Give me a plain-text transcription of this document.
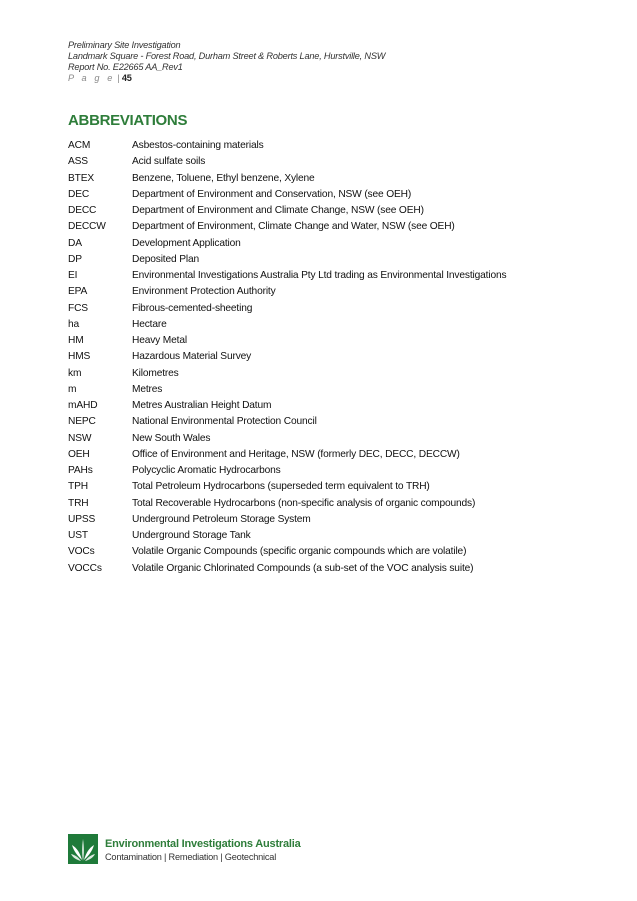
Preliminary Site Investigation
Landmark Square - Forest Road, Durham Street & Roberts Lane, Hurstville, NSW
Report No. E22665 AA_Rev1
P a g e | 45
ABBREVIATIONS
ACM	Asbestos-containing materials
ASS	Acid sulfate soils
BTEX	Benzene, Toluene, Ethyl benzene, Xylene
DEC	Department of Environment and Conservation, NSW (see OEH)
DECC	Department of Environment and Climate Change, NSW (see OEH)
DECCW	Department of Environment, Climate Change and Water, NSW (see OEH)
DA	Development Application
DP	Deposited Plan
EI	Environmental Investigations Australia Pty Ltd trading as Environmental Investigations
EPA	Environment Protection Authority
FCS	Fibrous-cemented-sheeting
ha	Hectare
HM	Heavy Metal
HMS	Hazardous Material Survey
km	Kilometres
m	Metres
mAHD	Metres Australian Height Datum
NEPC	National Environmental Protection Council
NSW	New South Wales
OEH	Office of Environment and Heritage, NSW (formerly DEC, DECC, DECCW)
PAHs	Polycyclic Aromatic Hydrocarbons
TPH	Total Petroleum Hydrocarbons (superseded term equivalent to TRH)
TRH	Total Recoverable Hydrocarbons (non-specific analysis of organic compounds)
UPSS	Underground Petroleum Storage System
UST	Underground Storage Tank
VOCs	Volatile Organic Compounds (specific organic compounds which are volatile)
VOCCs	Volatile Organic Chlorinated Compounds (a sub-set of the VOC analysis suite)
Environmental Investigations Australia
Contamination | Remediation | Geotechnical
